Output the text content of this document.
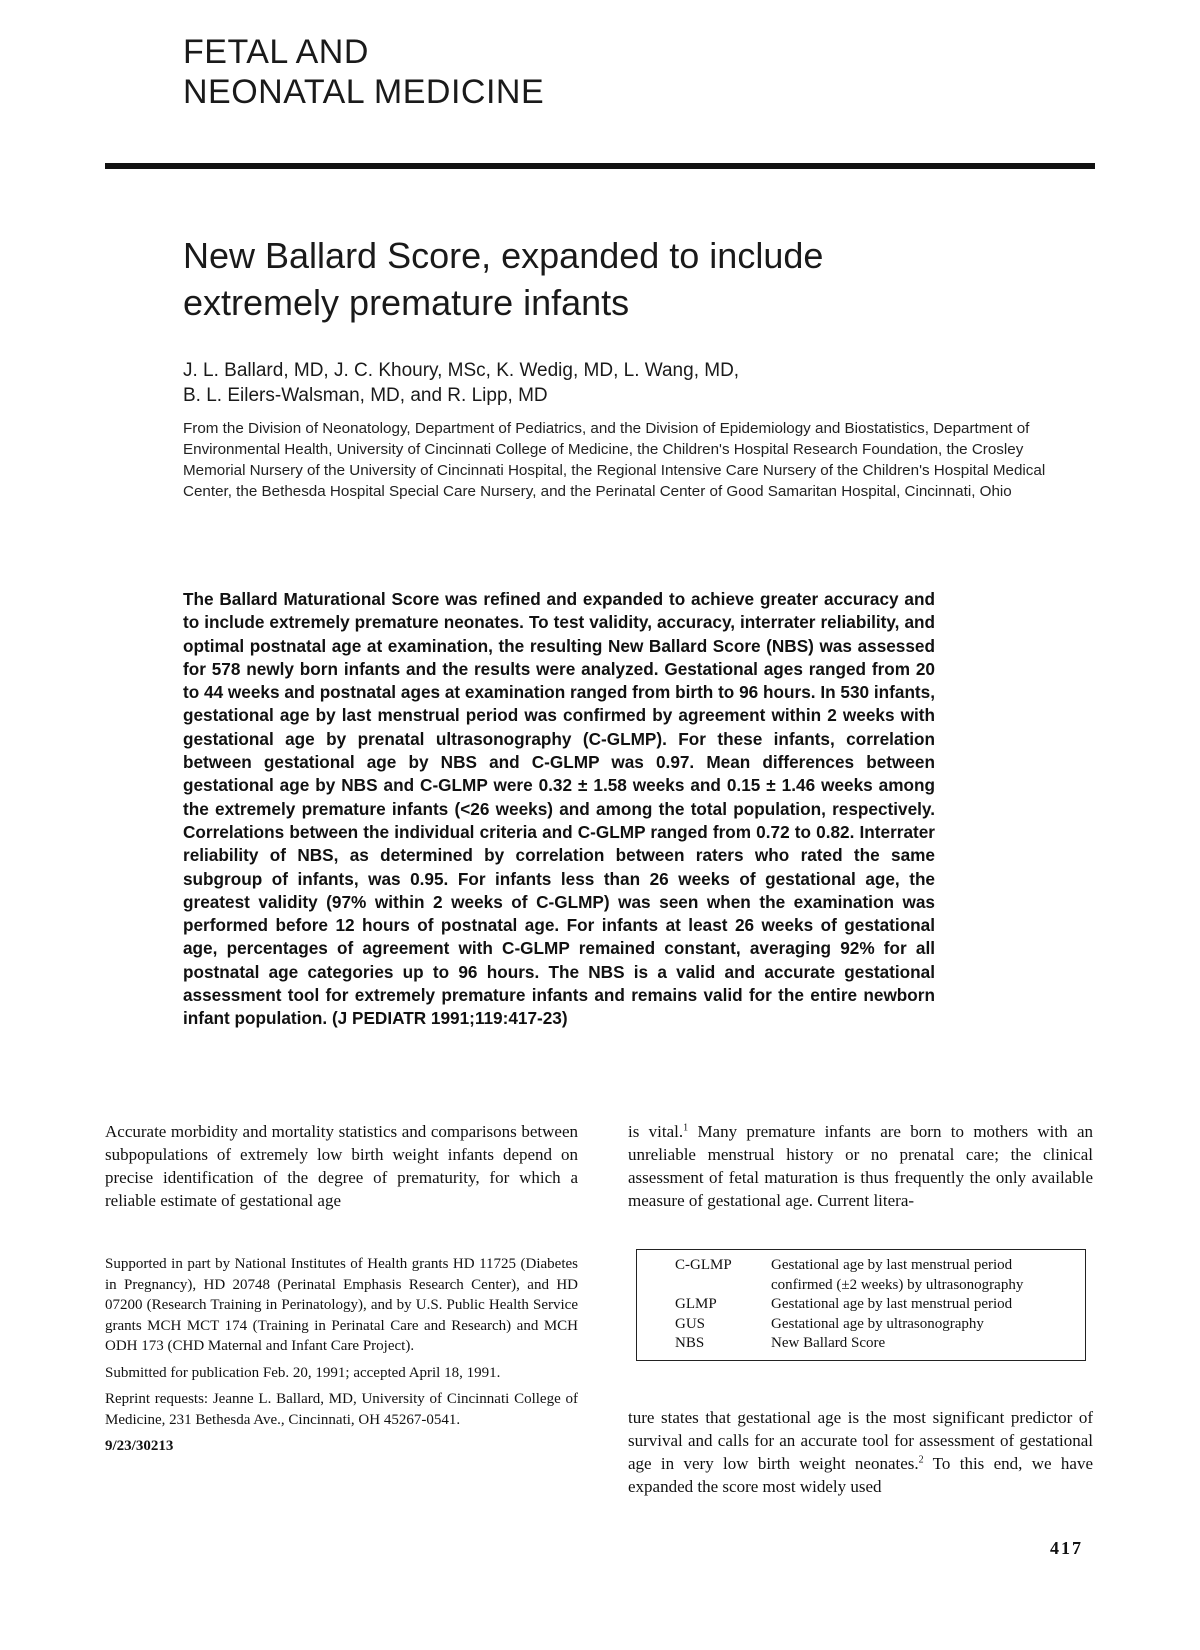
FETAL AND
NEONATAL MEDICINE
New Ballard Score, expanded to include
extremely premature infants
J. L. Ballard, MD, J. C. Khoury, MSc, K. Wedig, MD, L. Wang, MD,
B. L. Eilers-Walsman, MD, and R. Lipp, MD
From the Division of Neonatology, Department of Pediatrics, and the Division of Epidemiology and Biostatistics, Department of Environmental Health, University of Cincinnati College of Medicine, the Children's Hospital Research Foundation, the Crosley Memorial Nursery of the University of Cincinnati Hospital, the Regional Intensive Care Nursery of the Children's Hospital Medical Center, the Bethesda Hospital Special Care Nursery, and the Perinatal Center of Good Samaritan Hospital, Cincinnati, Ohio
The Ballard Maturational Score was refined and expanded to achieve greater accuracy and to include extremely premature neonates. To test validity, accuracy, interrater reliability, and optimal postnatal age at examination, the resulting New Ballard Score (NBS) was assessed for 578 newly born infants and the results were analyzed. Gestational ages ranged from 20 to 44 weeks and postnatal ages at examination ranged from birth to 96 hours. In 530 infants, gestational age by last menstrual period was confirmed by agreement within 2 weeks with gestational age by prenatal ultrasonography (C-GLMP). For these infants, correlation between gestational age by NBS and C-GLMP was 0.97. Mean differences between gestational age by NBS and C-GLMP were 0.32 ± 1.58 weeks and 0.15 ± 1.46 weeks among the extremely premature infants (<26 weeks) and among the total population, respectively. Correlations between the individual criteria and C-GLMP ranged from 0.72 to 0.82. Interrater reliability of NBS, as determined by correlation between raters who rated the same subgroup of infants, was 0.95. For infants less than 26 weeks of gestational age, the greatest validity (97% within 2 weeks of C-GLMP) was seen when the examination was performed before 12 hours of postnatal age. For infants at least 26 weeks of gestational age, percentages of agreement with C-GLMP remained constant, averaging 92% for all postnatal age categories up to 96 hours. The NBS is a valid and accurate gestational assessment tool for extremely premature infants and remains valid for the entire newborn infant population. (J PEDIATR 1991;119:417-23)
Accurate morbidity and mortality statistics and comparisons between subpopulations of extremely low birth weight infants depend on precise identification of the degree of prematurity, for which a reliable estimate of gestational age
is vital.$^1$ Many premature infants are born to mothers with an unreliable menstrual history or no prenatal care; the clinical assessment of fetal maturation is thus frequently the only available measure of gestational age. Current litera-
C-GLMP	Gestational age by last menstrual period confirmed (±2 weeks) by ultrasonography
GLMP	Gestational age by last menstrual period
GUS	Gestational age by ultrasonography
NBS	New Ballard Score
ture states that gestational age is the most significant predictor of survival and calls for an accurate tool for assessment of gestational age in very low birth weight neonates.$^2$ To this end, we have expanded the score most widely used

Supported in part by National Institutes of Health grants HD 11725 (Diabetes in Pregnancy), HD 20748 (Perinatal Emphasis Research Center), and HD 07200 (Research Training in Perinatology), and by U.S. Public Health Service grants MCH MCT 174 (Training in Perinatal Care and Research) and MCH ODH 173 (CHD Maternal and Infant Care Project).

Submitted for publication Feb. 20, 1991; accepted April 18, 1991.

Reprint requests: Jeanne L. Ballard, MD, University of Cincinnati College of Medicine, 231 Bethesda Ave., Cincinnati, OH 45267-0541.

9/23/30213

417
